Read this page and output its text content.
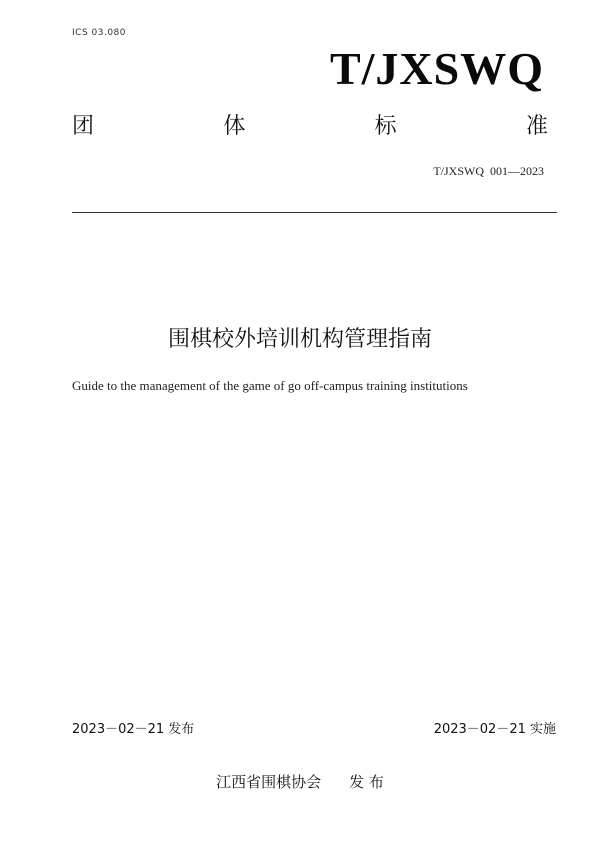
ICS 03.080
T/JXSWQ
团	体	标	准
T/JXSWQ  001—2023
围棋校外培训机构管理指南
Guide to the management of the game of go off-campus training institutions
2023－02－21 发布	2023－02－21 实施
江西省围棋协会 发 布
